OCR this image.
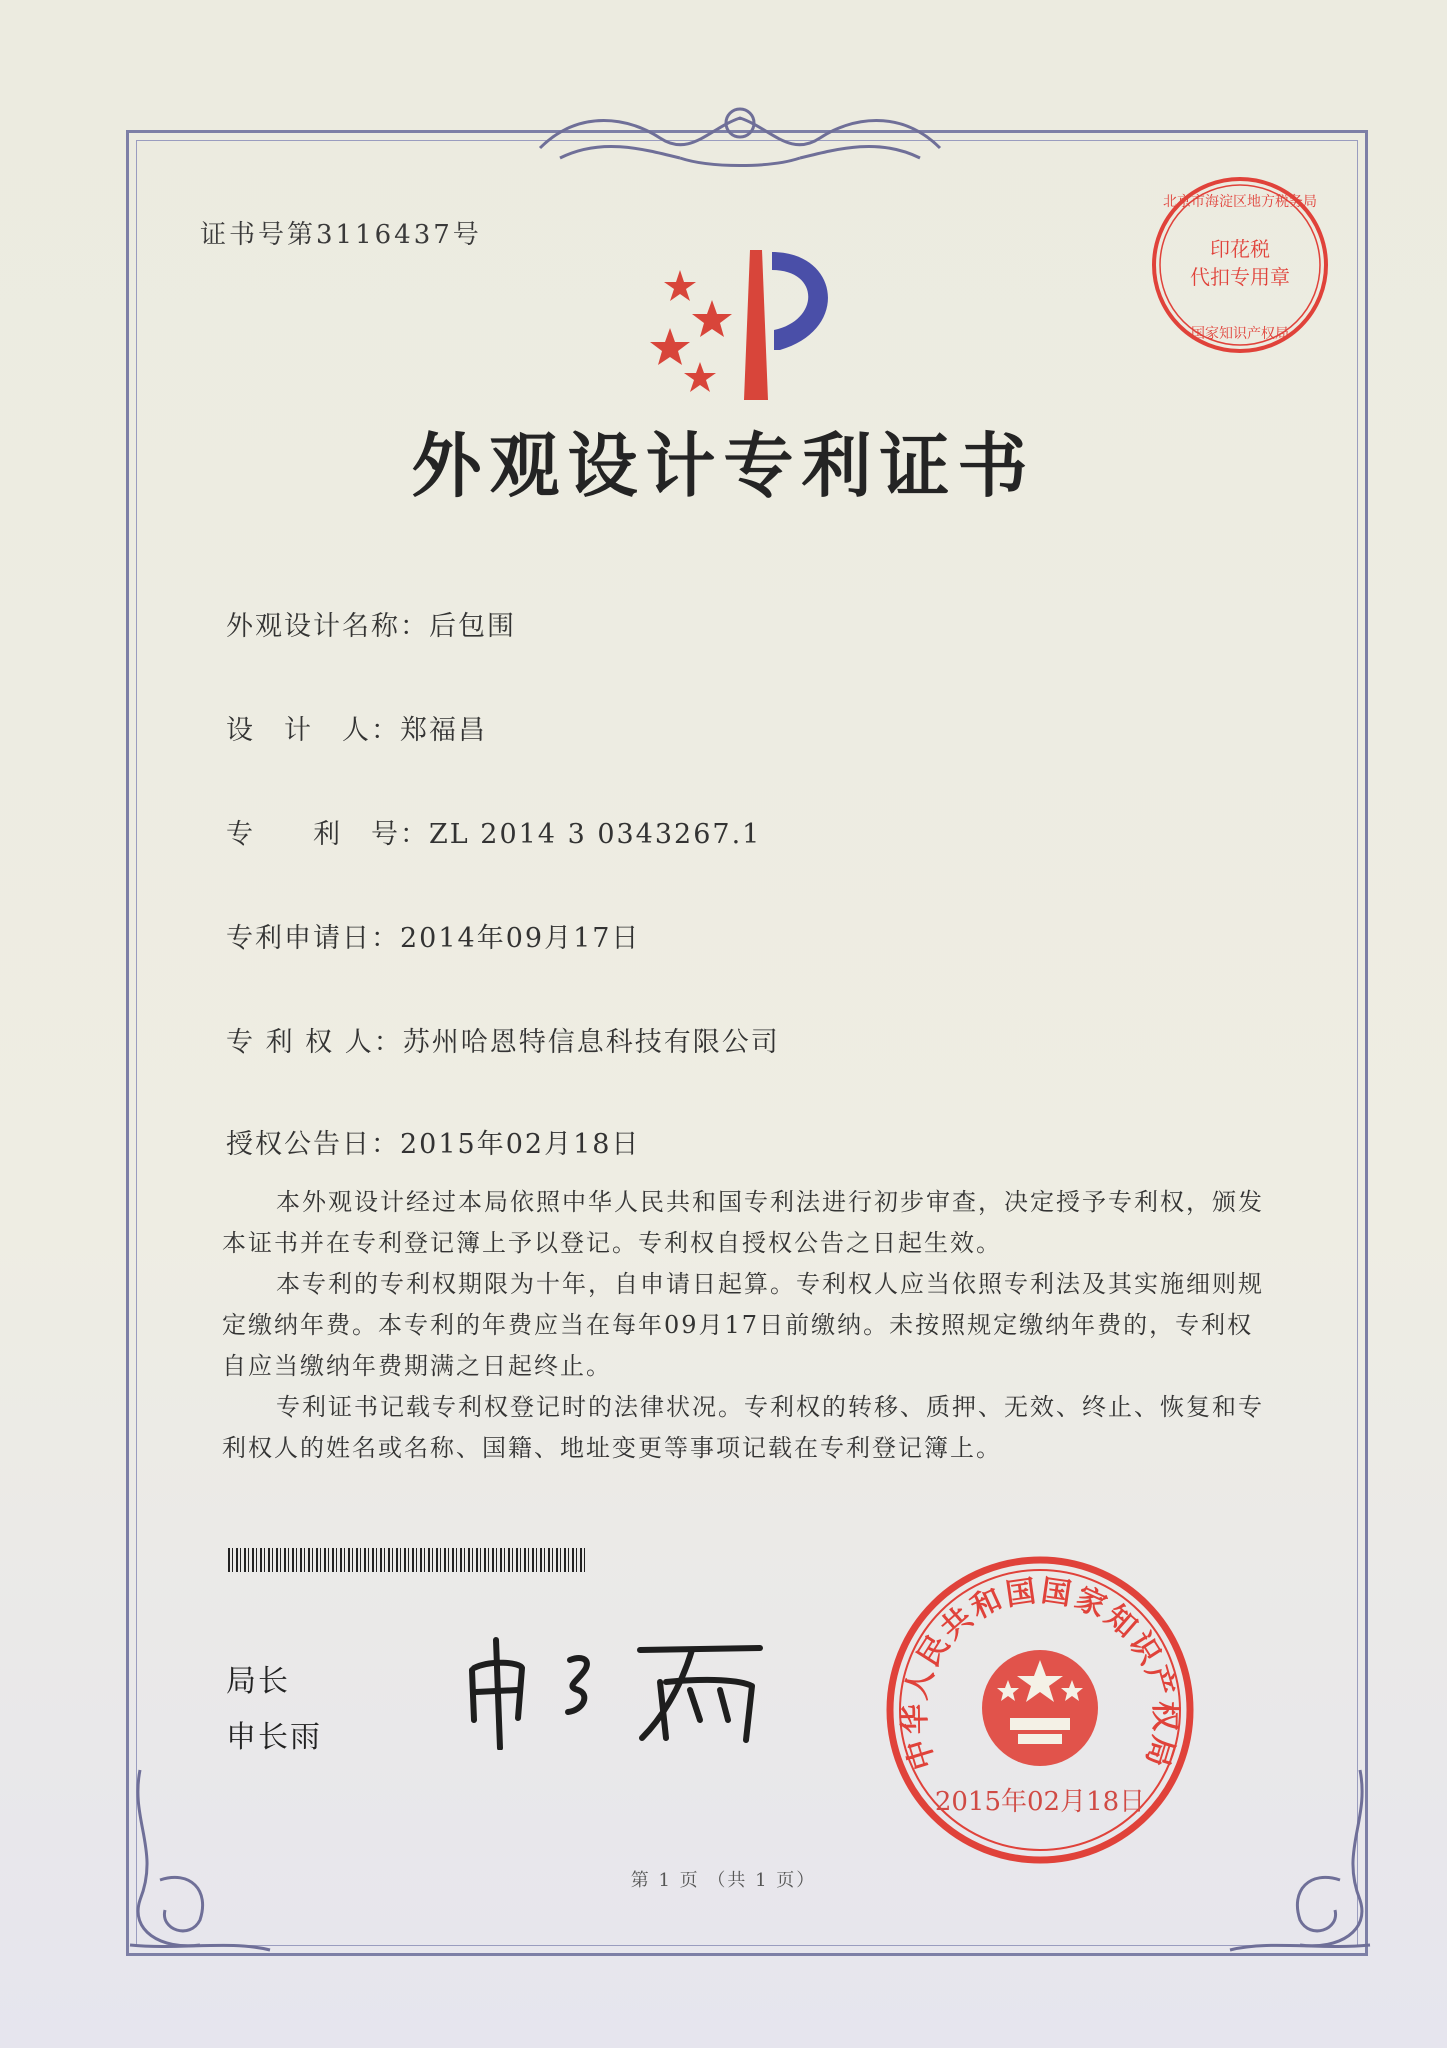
证书号第3116437号
外观设计专利证书
外观设计名称：后包围
设　计　人：郑福昌
专　　利　号：ZL 2014 3 0343267.1
专利申请日：2014年09月17日
专 利 权 人：苏州哈恩特信息科技有限公司
授权公告日：2015年02月18日

本外观设计经过本局依照中华人民共和国专利法进行初步审查，决定授予专利权，颁发本证书并在专利登记簿上予以登记。专利权自授权公告之日起生效。

本专利的专利权期限为十年，自申请日起算。专利权人应当依照专利法及其实施细则规定缴纳年费。本专利的年费应当在每年09月17日前缴纳。未按照规定缴纳年费的，专利权自应当缴纳年费期满之日起终止。

专利证书记载专利权登记时的法律状况。专利权的转移、质押、无效、终止、恢复和专利权人的姓名或名称、国籍、地址变更等事项记载在专利登记簿上。

局长
申长雨
印花税
代扣专用章
北京市海淀区地方税务局
国家知识产权局
中华人民共和国国家知识产权局
2015年02月18日
第 1 页 （共 1 页）
